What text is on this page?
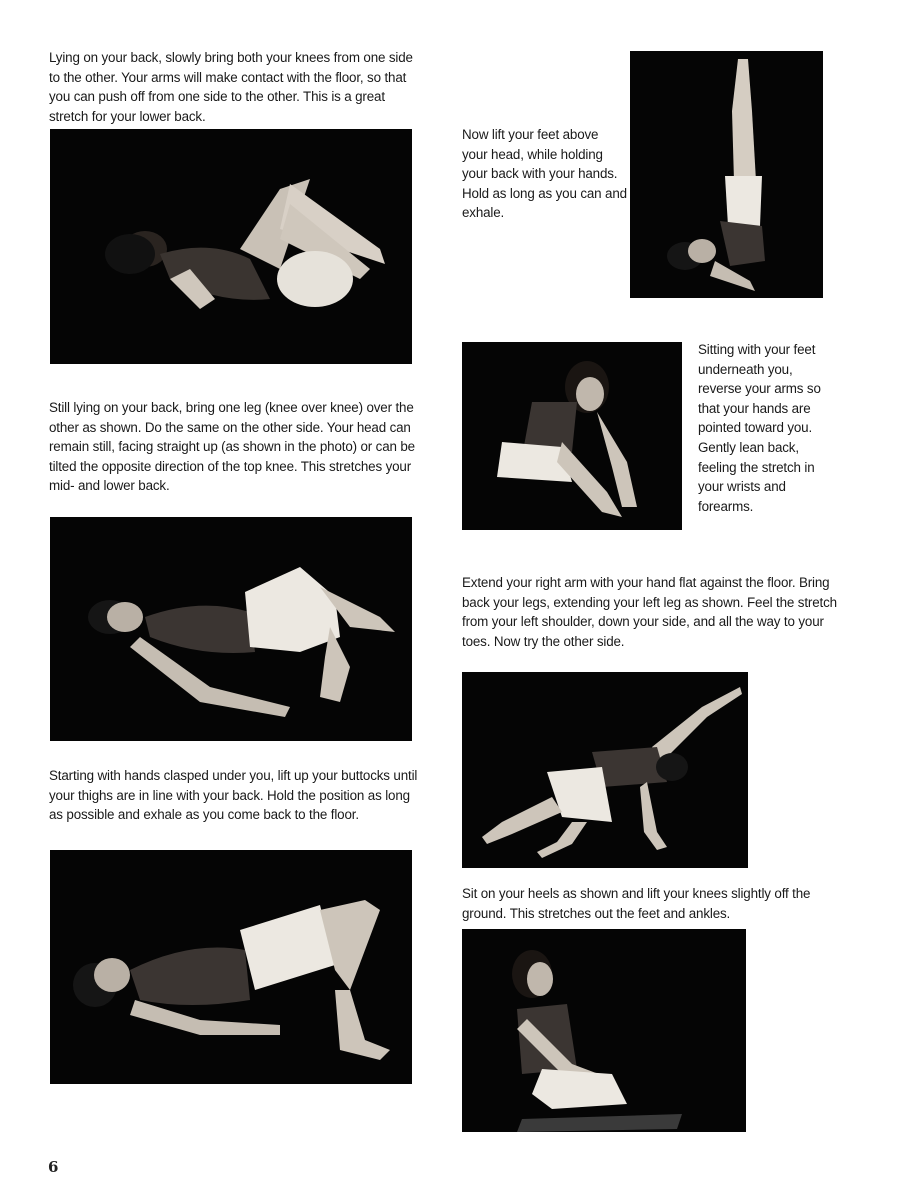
Lying on your back, slowly bring both your knees from one side to the other. Your arms will make contact with the floor, so that you can push off from one side to the other. This is a great stretch for your lower back.
Still lying on your back, bring one leg (knee over knee) over the other as shown. Do the same on the other side. Your head can remain still, facing straight up (as shown in the photo) or can be tilted the opposite direction of the top knee. This stretches your mid- and lower back.
Starting with hands clasped under you, lift up your buttocks until your thighs are in line with your back. Hold the position as long as possible and exhale as you come back to the floor.
Now lift your feet above your head, while holding your back with your hands. Hold as long as you can and exhale.
Sitting with your feet underneath you, reverse your arms so that your hands are pointed toward you. Gently lean back, feeling the stretch in your wrists and forearms.
Extend your right arm with your hand flat against the floor. Bring back your legs, extending your left leg as shown. Feel the stretch from your left shoulder, down your side, and all the way to your toes. Now try the other side.
Sit on your heels as shown and lift your knees slightly off the ground. This stretches out the feet and ankles.
6
